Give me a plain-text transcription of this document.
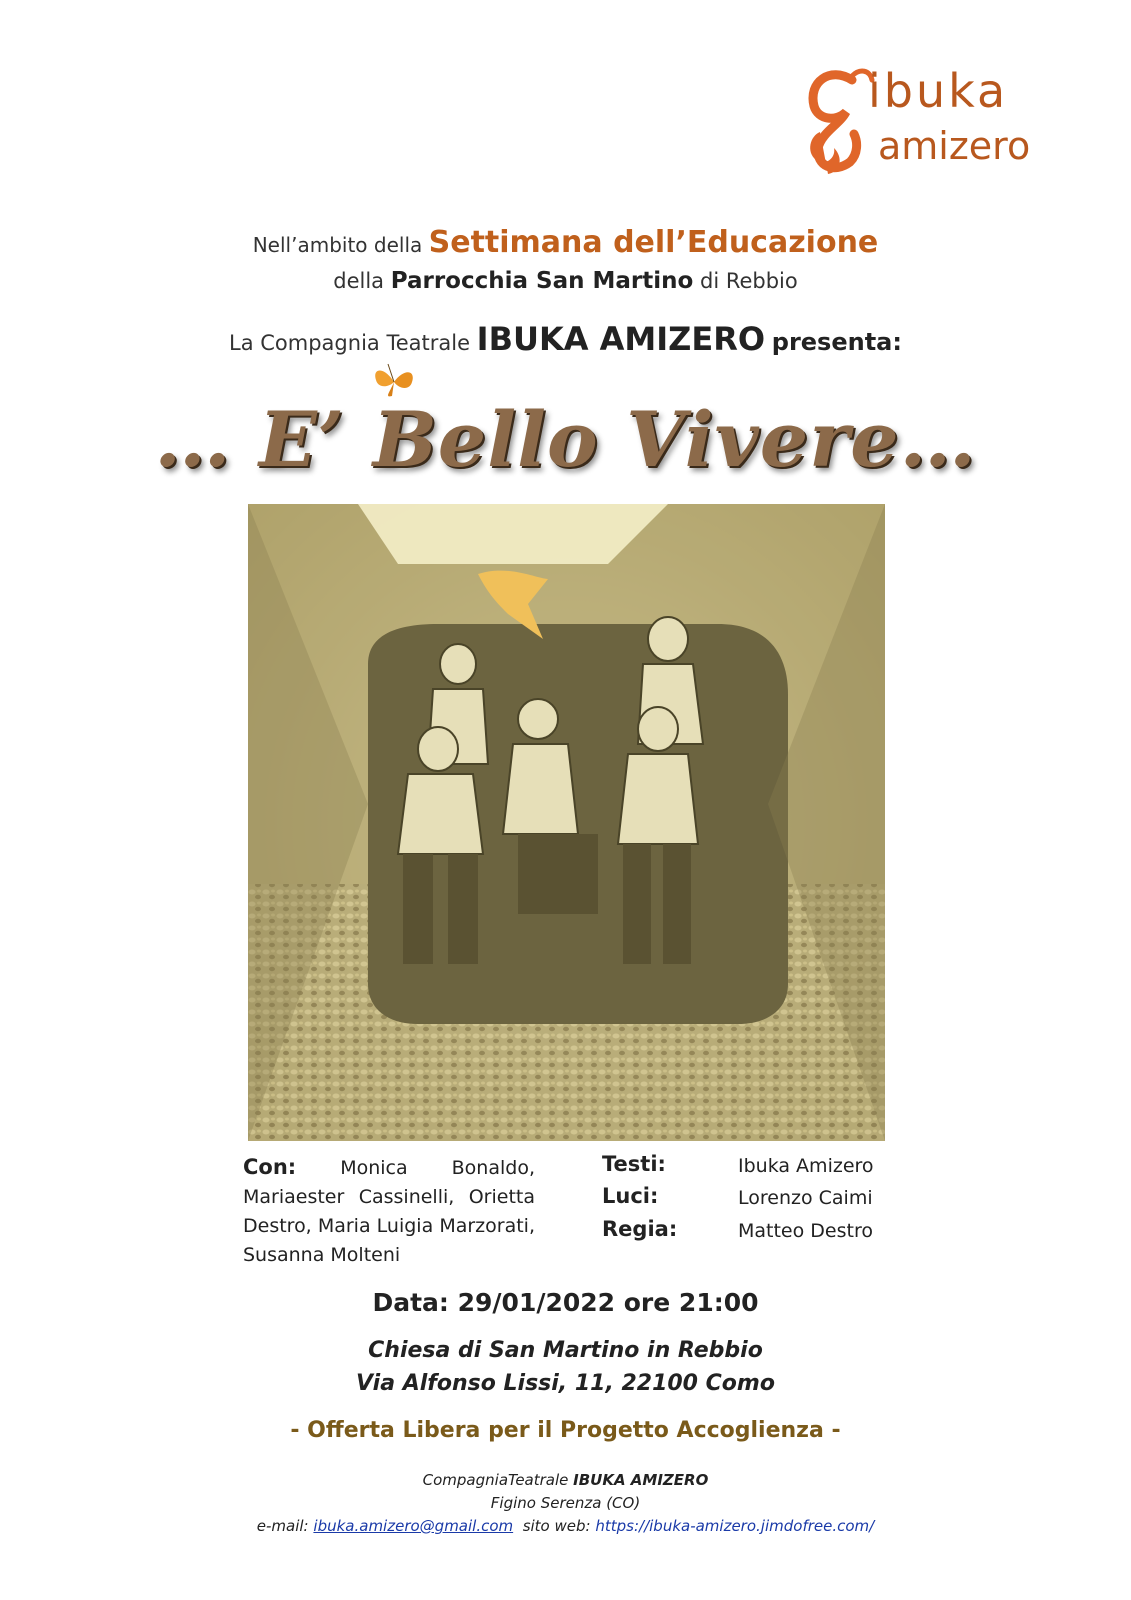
ibuka
amizero
Nell’ambito della Settimana dell’Educazione
della Parrocchia San Martino di Rebbio
La Compagnia Teatrale IBUKA AMIZERO presenta:
… E’ Bello Vivere…
Con: Monica Bonaldo, Mariaester Cassinelli, Orietta Destro, Maria Luigia Marzorati, Susanna Molteni
Testi:	Ibuka Amizero
Luci:	Lorenzo Caimi
Regia:	Matteo Destro
Data: 29/01/2022 ore 21:00
Chiesa di San Martino in Rebbio
Via Alfonso Lissi, 11, 22100 Como
- Offerta Libera per il Progetto Accoglienza -
CompagniaTeatrale IBUKA AMIZERO
Figino Serenza (CO)
e-mail: ibuka.amizero@gmail.com sito web: https://ibuka-amizero.jimdofree.com/
